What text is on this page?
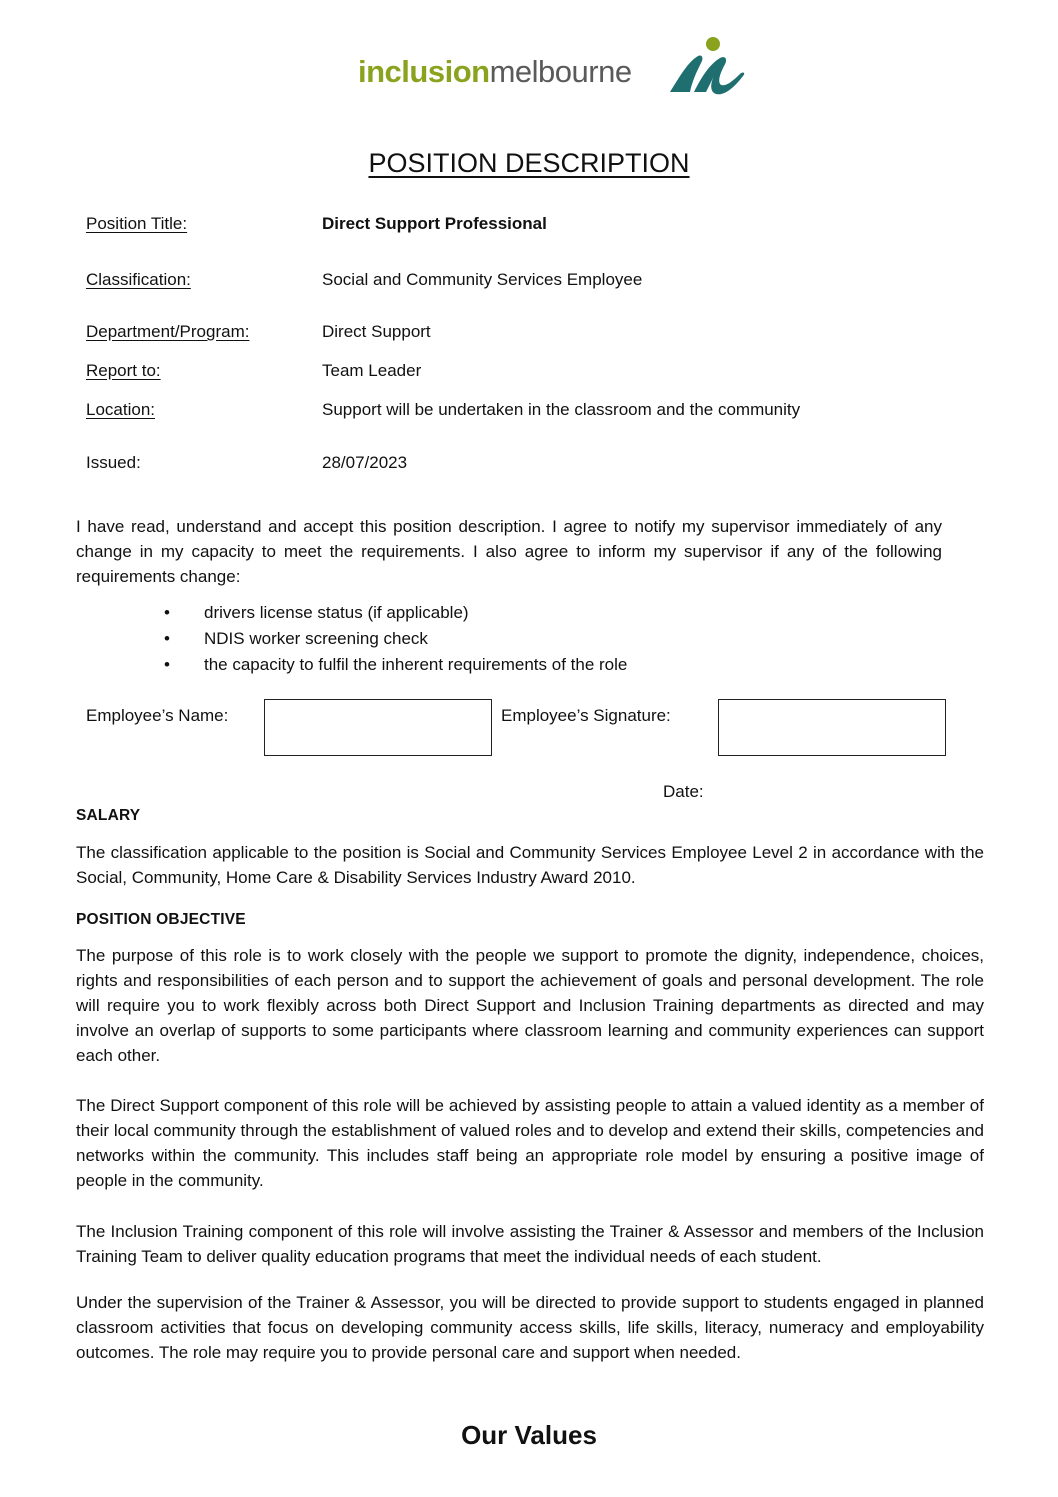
inclusionmelbourne
POSITION DESCRIPTION
Position Title:	Direct Support Professional
Classification:	Social and Community Services Employee
Department/Program:	Direct Support
Report to:	Team Leader
Location:	Support will be undertaken in the classroom and the community
Issued:	28/07/2023
I have read, understand and accept this position description. I agree to notify my supervisor immediately of any change in my capacity to meet the requirements. I also agree to inform my supervisor if any of the following requirements change:
• drivers license status (if applicable)
• NDIS worker screening check
• the capacity to fulfil the inherent requirements of the role
Employee’s Name:	Employee’s Signature:
Date:
SALARY
The classification applicable to the position is Social and Community Services Employee Level 2 in accordance with the Social, Community, Home Care & Disability Services Industry Award 2010.
POSITION OBJECTIVE
The purpose of this role is to work closely with the people we support to promote the dignity, independence, choices, rights and responsibilities of each person and to support the achievement of goals and personal development. The role will require you to work flexibly across both Direct Support and Inclusion Training departments as directed and may involve an overlap of supports to some participants where classroom learning and community experiences can support each other.
The Direct Support component of this role will be achieved by assisting people to attain a valued identity as a member of their local community through the establishment of valued roles and to develop and extend their skills, competencies and networks within the community. This includes staff being an appropriate role model by ensuring a positive image of people in the community.
The Inclusion Training component of this role will involve assisting the Trainer & Assessor and members of the Inclusion Training Team to deliver quality education programs that meet the individual needs of each student.
Under the supervision of the Trainer & Assessor, you will be directed to provide support to students engaged in planned classroom activities that focus on developing community access skills, life skills, literacy, numeracy and employability outcomes. The role may require you to provide personal care and support when needed.
Our Values
